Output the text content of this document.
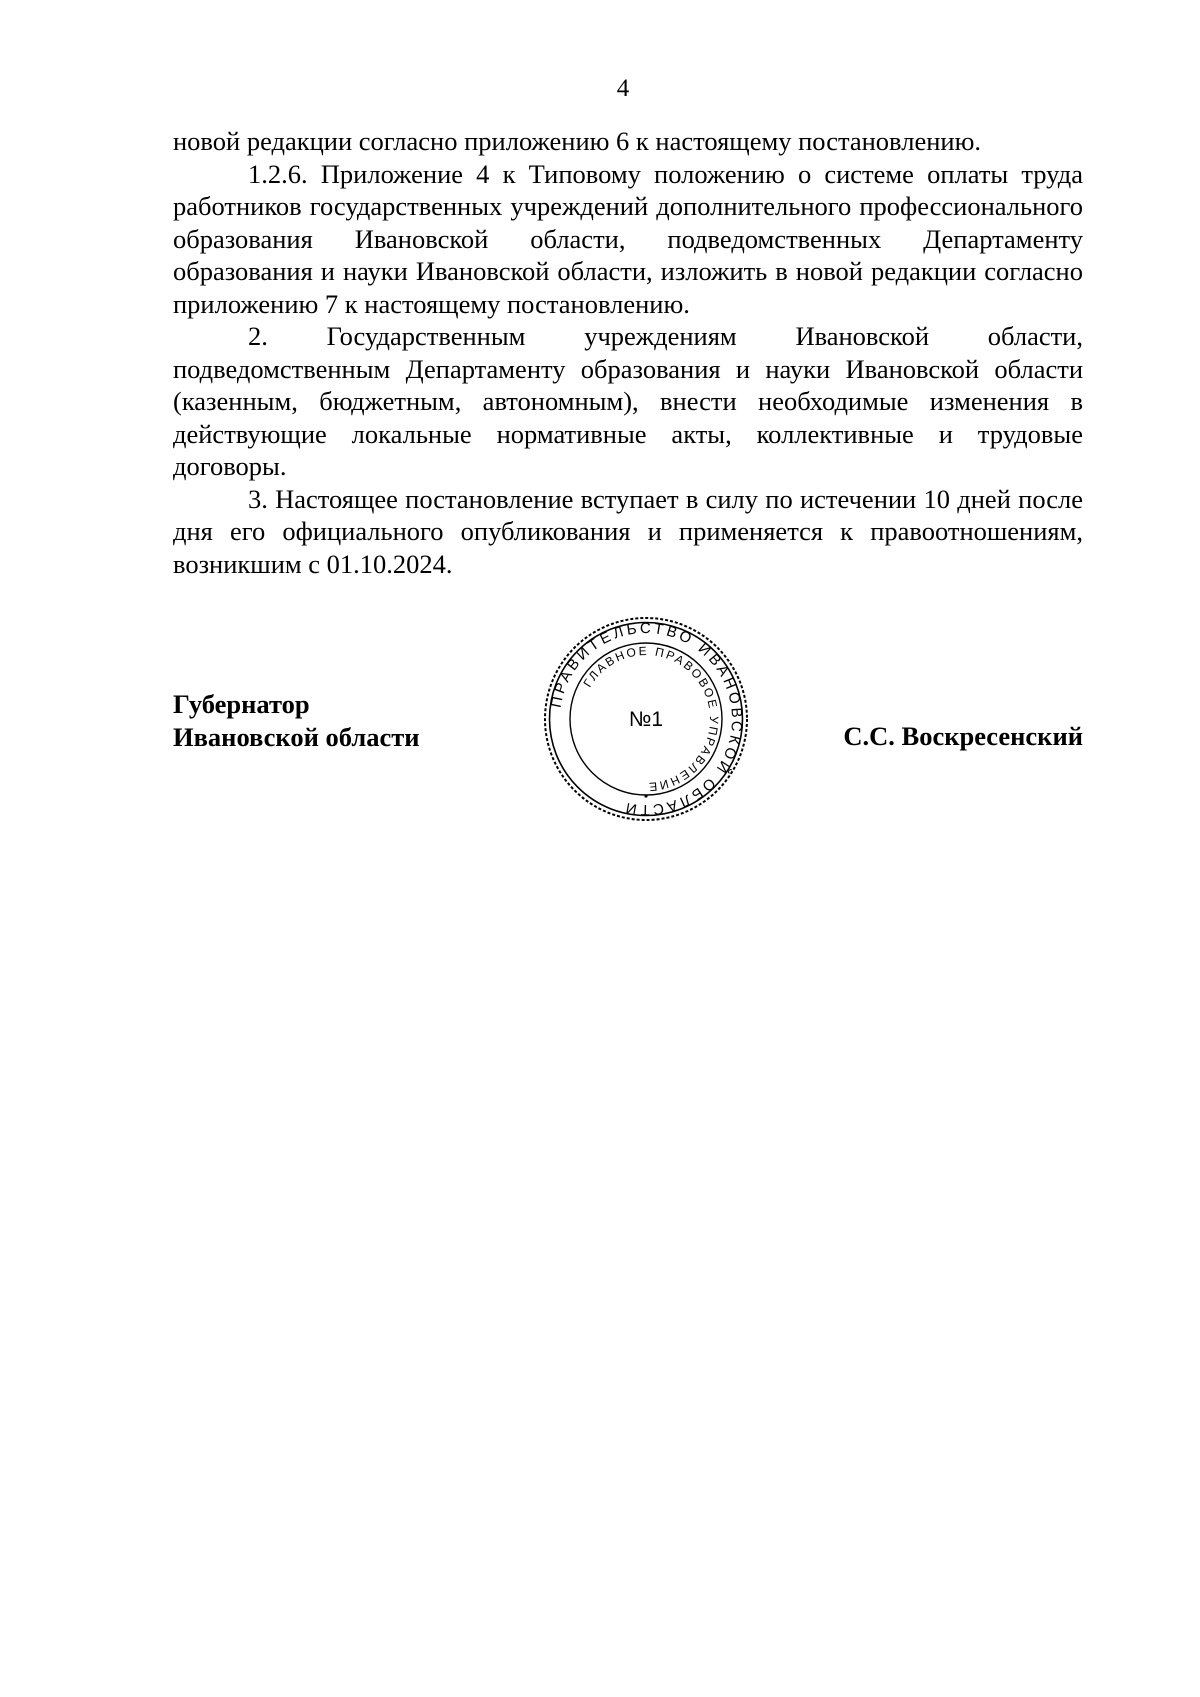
4

новой редакции согласно приложению 6 к настоящему постановлению.

1.2.6. Приложение 4 к Типовому положению о системе оплаты труда работников государственных учреждений дополнительного профессионального образования Ивановской области, подведомственных Департаменту образования и науки Ивановской области, изложить в новой редакции согласно приложению 7 к настоящему постановлению.

2. Государственным учреждениям Ивановской области, подведомственным Департаменту образования и науки Ивановской области (казенным, бюджетным, автономным), внести необходимые изменения в действующие локальные нормативные акты, коллективные и трудовые договоры.

3. Настоящее постановление вступает в силу по истечении 10 дней после дня его официального опубликования и применяется к правоотношениям, возникшим с 01.10.2024.

Губернатор
Ивановской области	С.С. Воскресенский
ПРАВИТЕЛЬСТВО ИВАНОВСКОЙ ОБЛАСТИ
ГЛАВНОЕ ПРАВОВОЕ УПРАВЛЕНИЕ
№1
